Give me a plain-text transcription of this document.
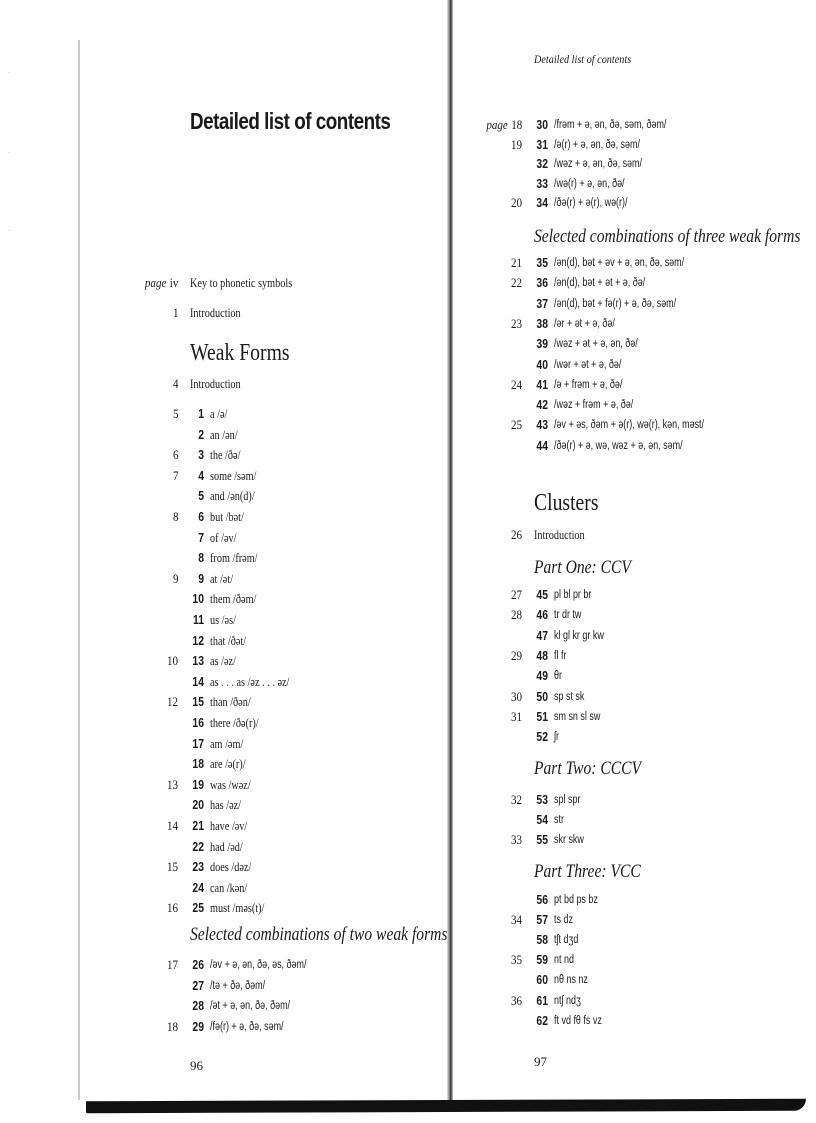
·
·
·
Detailed list of contents
Detailed list of contents
page iv Key to phonetic symbols
1 Introduction
Weak Forms
4 Introduction
5	1 a /ə/
2 an /ən/
6	3 the /ðə/
7	4 some /səm/
5 and /ən(d)/
8	6 but /bət/
7 of /əv/
8 from /frəm/
9	9 at /ət/
10 them /ðəm/
11 us /əs/
12 that /ðət/
10	13 as /əz/
14 as . . . as /əz . . . əz/
12	15 than /ðən/
16 there /ðə(r)/
17 am /əm/
18 are /ə(r)/
13	19 was /wəz/
20 has /əz/
14	21 have /əv/
22 had /əd/
15	23 does /dəz/
24 can /kən/
16	25 must /məs(t)/
Selected combinations of two weak forms
17	26 /əv + ə, ən, ðə, əs, ðəm/
27 /tə + ðə, ðəm/
28 /ət + ə, ən, ðə, ðəm/
18	29 /fə(r) + ə, ðə, səm/
96
page 18	30 /frəm + ə, ən, ðə, səm, ðəm/
19	31 /ə(r) + ə, ən, ðə, səm/
32 /wəz + ə, ən, ðə, səm/
33 /wə(r) + ə, ən, ðə/
20	34 /ðə(r) + ə(r), wə(r)/
Selected combinations of three weak forms
21	35 /ən(d), bət + əv + ə, ən, ðə, səm/
22	36 /ən(d), bət + ət + ə, ðə/
37 /ən(d), bət + fə(r) + ə, ðə, səm/
23	38 /ər + ət + ə, ðə/
39 /wəz + ət + ə, ən, ðə/
40 /wər + ət + ə, ðə/
24	41 /ə + frəm + ə, ðə/
42 /wəz + frəm + ə, ðə/
25	43 /əv + əs, ðəm + ə(r), wə(r), kən, məst/
44 /ðə(r) + ə, wə, wəz + ə, ən, səm/
Clusters
26 Introduction
Part One: CCV
27	45 pl bl pr br
28	46 tr dr tw
47 kl gl kr gr kw
29	48 fl fr
49 θr
30	50 sp st sk
31	51 sm sn sl sw
52 ʃr
Part Two: CCCV
32	53 spl spr
54 str
33	55 skr skw
Part Three: VCC
56 pt bd ps bz
34	57 ts dz
58 tʃt dʒd
35	59 nt nd
60 nθ ns nz
36	61 ntʃ ndʒ
62 ft vd fθ fs vz
97
